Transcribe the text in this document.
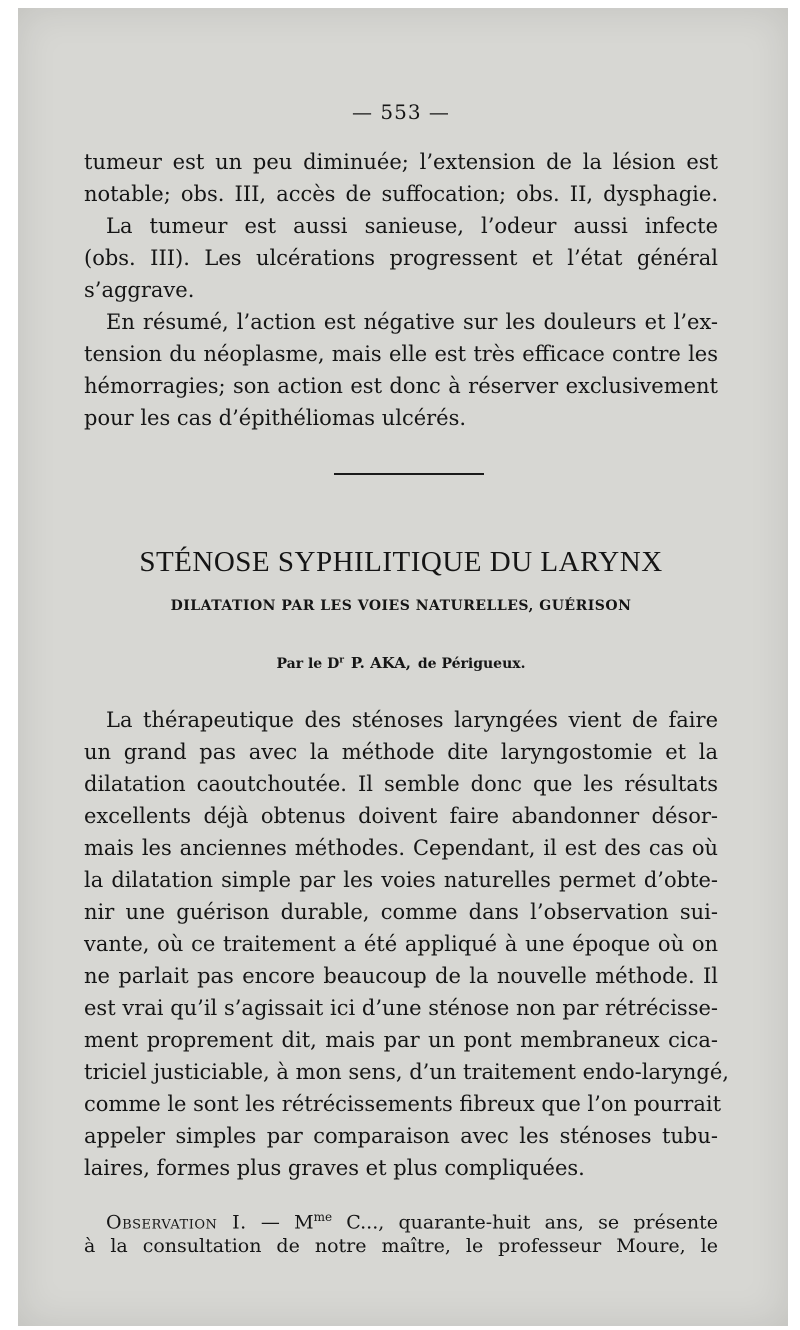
— 553 —
tumeur est un peu diminuée; l’extension de la lésion est
notable; obs. III, accès de suffocation; obs. II, dysphagie.
La tumeur est aussi sanieuse, l’odeur aussi infecte
(obs. III). Les ulcérations progressent et l’état général
s’aggrave.
En résumé, l’action est négative sur les douleurs et l’ex-
tension du néoplasme, mais elle est très efficace contre les
hémorragies; son action est donc à réserver exclusivement
pour les cas d’épithéliomas ulcérés.
STÉNOSE SYPHILITIQUE DU LARYNX
DILATATION PAR LES VOIES NATURELLES, GUÉRISON
Par le $D^r$ P. AKA, de Périgueux.
La thérapeutique des sténoses laryngées vient de faire
un grand pas avec la méthode dite laryngostomie et la
dilatation caoutchoutée. Il semble donc que les résultats
excellents déjà obtenus doivent faire abandonner désor-
mais les anciennes méthodes. Cependant, il est des cas où
la dilatation simple par les voies naturelles permet d’obte-
nir une guérison durable, comme dans l’observation sui-
vante, où ce traitement a été appliqué à une époque où on
ne parlait pas encore beaucoup de la nouvelle méthode. Il
est vrai qu’il s’agissait ici d’une sténose non par rétrécisse-
ment proprement dit, mais par un pont membraneux cica-
triciel justiciable, à mon sens, d’un traitement endo-laryngé,
comme le sont les rétrécissements fibreux que l’on pourrait
appeler simples par comparaison avec les sténoses tubu-
laires, formes plus graves et plus compliquées.
Observation I. — $M^{me}$ C..., quarante-huit ans, se présente
à la consultation de notre maître, le professeur Moure, le
